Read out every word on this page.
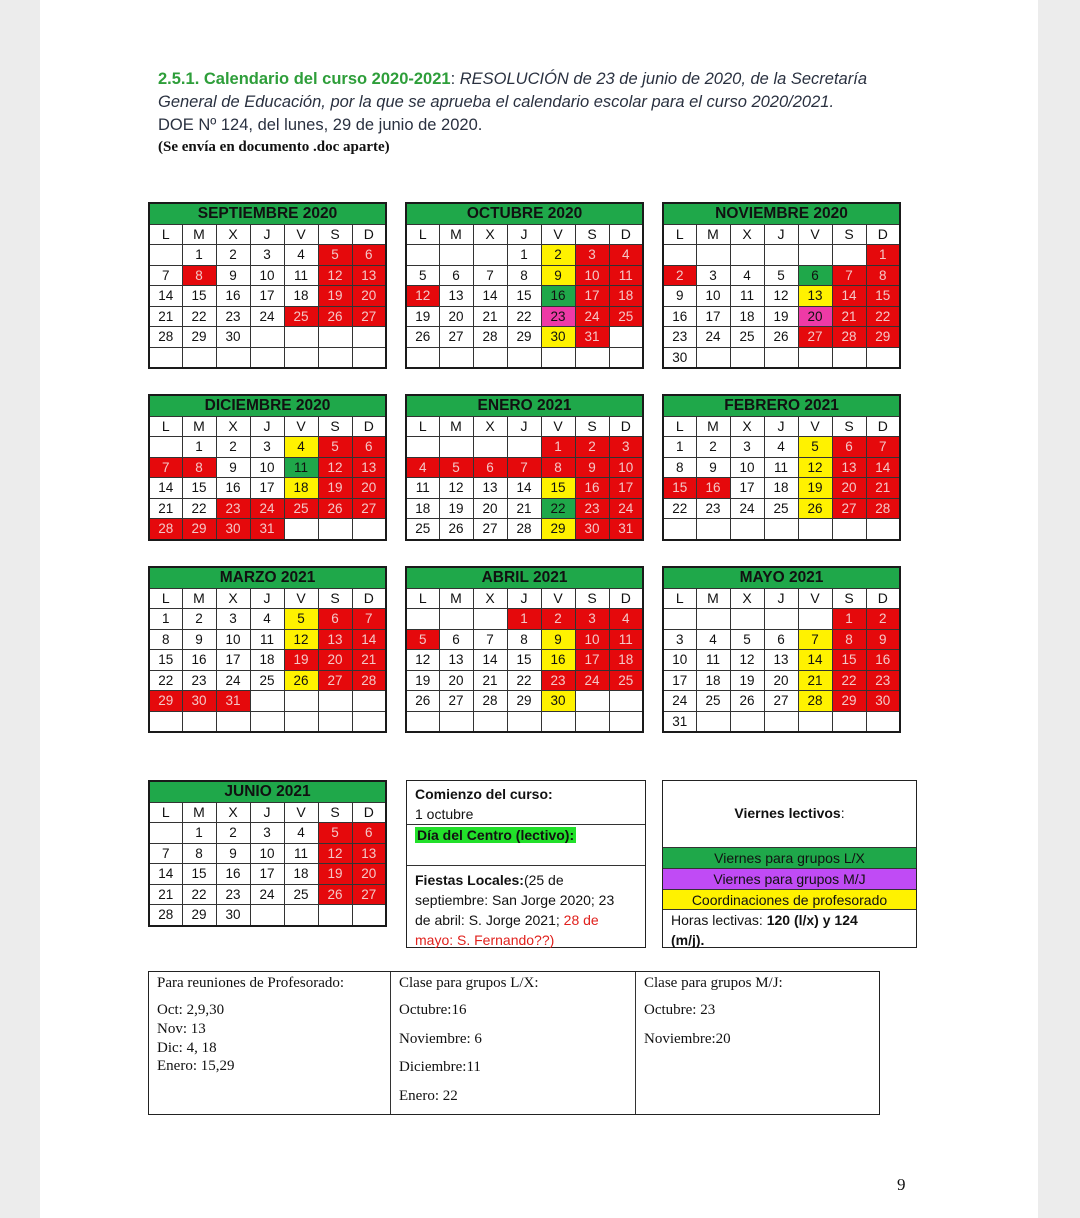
2.5.1. Calendario del curso 2020-2021: RESOLUCIÓN de 23 de junio de 2020, de la Secretaría
General de Educación, por la que se aprueba el calendario escolar para el curso 2020/2021.
DOE Nº 124, del lunes, 29 de junio de 2020.
(Se envía en documento .doc aparte)
SEPTIEMBRE 2020						
L	M	X	J	V	S	D
	1	2	3	4	5	6
7	8	9	10	11	12	13
14	15	16	17	18	19	20
21	22	23	24	25	26	27
28	29	30				

OCTUBRE 2020						
L	M	X	J	V	S	D
			1	2	3	4
5	6	7	8	9	10	11
12	13	14	15	16	17	18
19	20	21	22	23	24	25
26	27	28	29	30	31	

NOVIEMBRE 2020						
L	M	X	J	V	S	D
						1
2	3	4	5	6	7	8
9	10	11	12	13	14	15
16	17	18	19	20	21	22
23	24	25	26	27	28	29
30						
DICIEMBRE 2020						
L	M	X	J	V	S	D
	1	2	3	4	5	6
7	8	9	10	11	12	13
14	15	16	17	18	19	20
21	22	23	24	25	26	27
28	29	30	31			
ENERO 2021						
L	M	X	J	V	S	D
				1	2	3
4	5	6	7	8	9	10
11	12	13	14	15	16	17
18	19	20	21	22	23	24
25	26	27	28	29	30	31
FEBRERO 2021						
L	M	X	J	V	S	D
1	2	3	4	5	6	7
8	9	10	11	12	13	14
15	16	17	18	19	20	21
22	23	24	25	26	27	28

MARZO 2021						
L	M	X	J	V	S	D
1	2	3	4	5	6	7
8	9	10	11	12	13	14
15	16	17	18	19	20	21
22	23	24	25	26	27	28
29	30	31				

ABRIL 2021						
L	M	X	J	V	S	D
			1	2	3	4
5	6	7	8	9	10	11
12	13	14	15	16	17	18
19	20	21	22	23	24	25
26	27	28	29	30		

MAYO 2021						
L	M	X	J	V	S	D
					1	2
3	4	5	6	7	8	9
10	11	12	13	14	15	16
17	18	19	20	21	22	23
24	25	26	27	28	29	30
31						
JUNIO 2021						
L	M	X	J	V	S	D
	1	2	3	4	5	6
7	8	9	10	11	12	13
14	15	16	17	18	19	20
21	22	23	24	25	26	27
28	29	30				
Comienzo del curso:
1 octubre
Día del Centro (lectivo):
Fiestas Locales:(25 de
septiembre: San Jorge 2020; 23
de abril: S. Jorge 2021; 28 de
mayo: S. Fernando??)
Viernes lectivos:
Viernes para grupos L/X
Viernes para grupos M/J
Coordinaciones de profesorado
Horas lectivas: 120 (l/x) y 124
(m/j).
Para reuniones de Profesorado:
Oct: 2,9,30
Nov: 13
Dic: 4, 18
Enero: 15,29
Clase para grupos L/X:
Octubre:16
Noviembre: 6
Diciembre:11
Enero: 22
Clase para grupos M/J:
Octubre: 23
Noviembre:20
9
